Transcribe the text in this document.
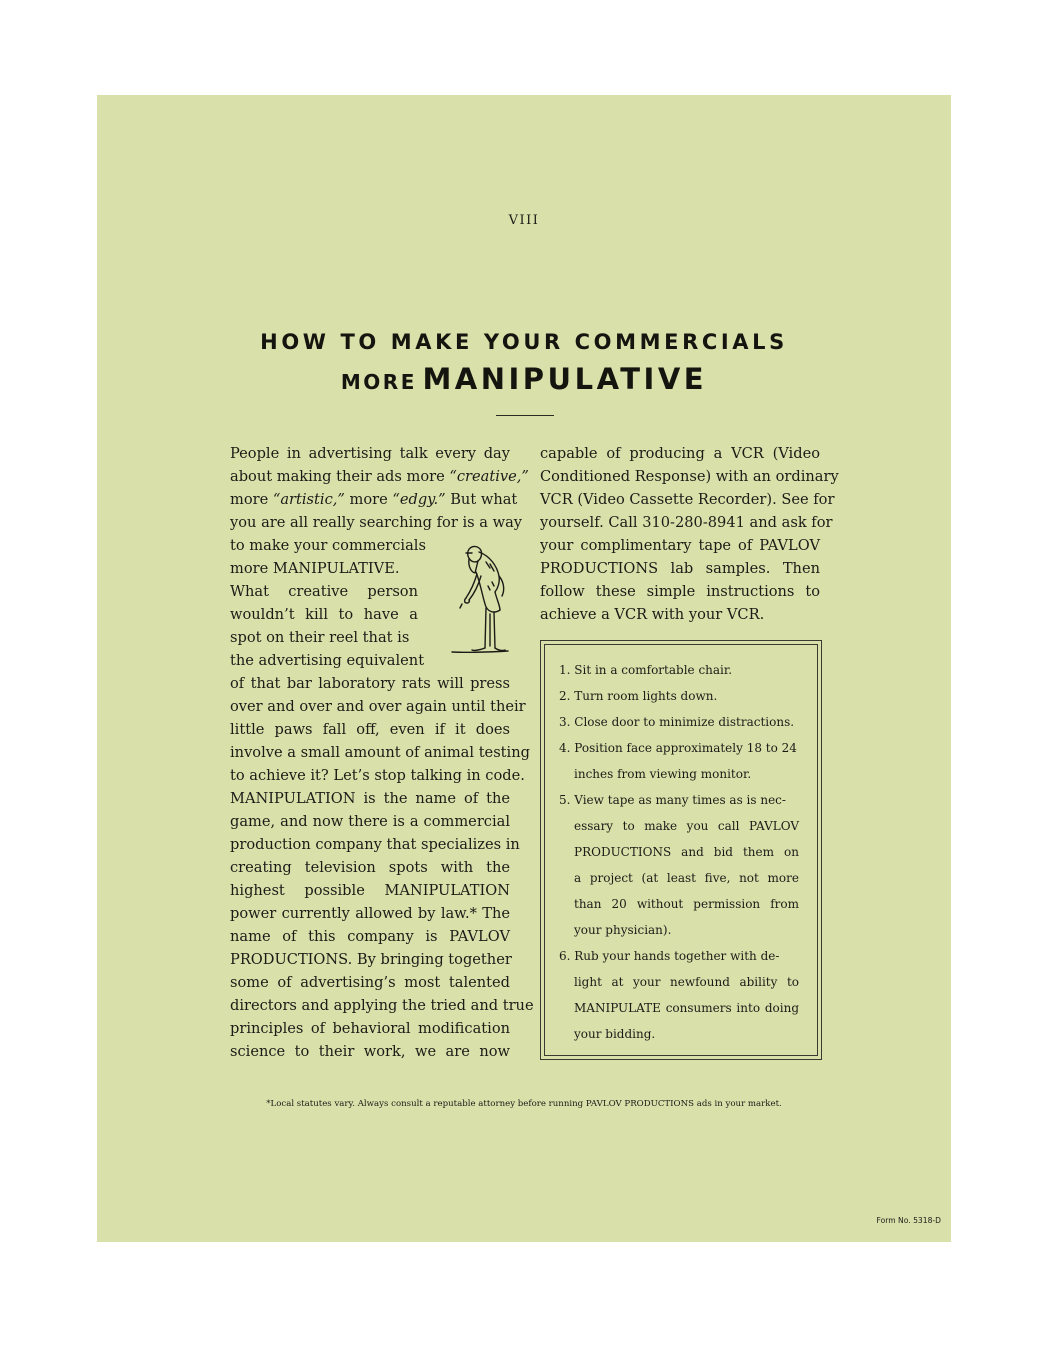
VIII
HOW TO MAKE YOUR COMMERCIALS
MORE MANIPULATIVE
People in advertising talk every day
about making their ads more “creative,”
more “artistic,” more “edgy.” But what
you are all really searching for is a way
to make your commercials
more MANIPULATIVE.
What creative person
wouldn’t kill to have a
spot on their reel that is
the advertising equivalent
of that bar laboratory rats will press
over and over and over again until their
little paws fall off, even if it does
involve a small amount of animal testing
to achieve it? Let’s stop talking in code.
MANIPULATION is the name of the
game, and now there is a commercial
production company that specializes in
creating television spots with the
highest possible MANIPULATION
power currently allowed by law.* The
name of this company is PAVLOV
PRODUCTIONS. By bringing together
some of advertising’s most talented
directors and applying the tried and true
principles of behavioral modification
science to their work, we are now
capable of producing a VCR (Video
Conditioned Response) with an ordinary
VCR (Video Cassette Recorder). See for
yourself. Call 310-280-8941 and ask for
your complimentary tape of PAVLOV
PRODUCTIONS lab samples. Then
follow these simple instructions to
achieve a VCR with your VCR.
1. Sit in a comfortable chair.
2. Turn room lights down.
3. Close door to minimize distractions.
4. Position face approximately 18 to 24
inches from viewing monitor.
5. View tape as many times as is nec-
essary to make you call PAVLOV
PRODUCTIONS and bid them on
a project (at least five, not more
than 20 without permission from
your physician).
6. Rub your hands together with de-
light at your newfound ability to
MANIPULATE consumers into doing
your bidding.
*Local statutes vary. Always consult a reputable attorney before running PAVLOV PRODUCTIONS ads in your market.
Form No. 5318-D
